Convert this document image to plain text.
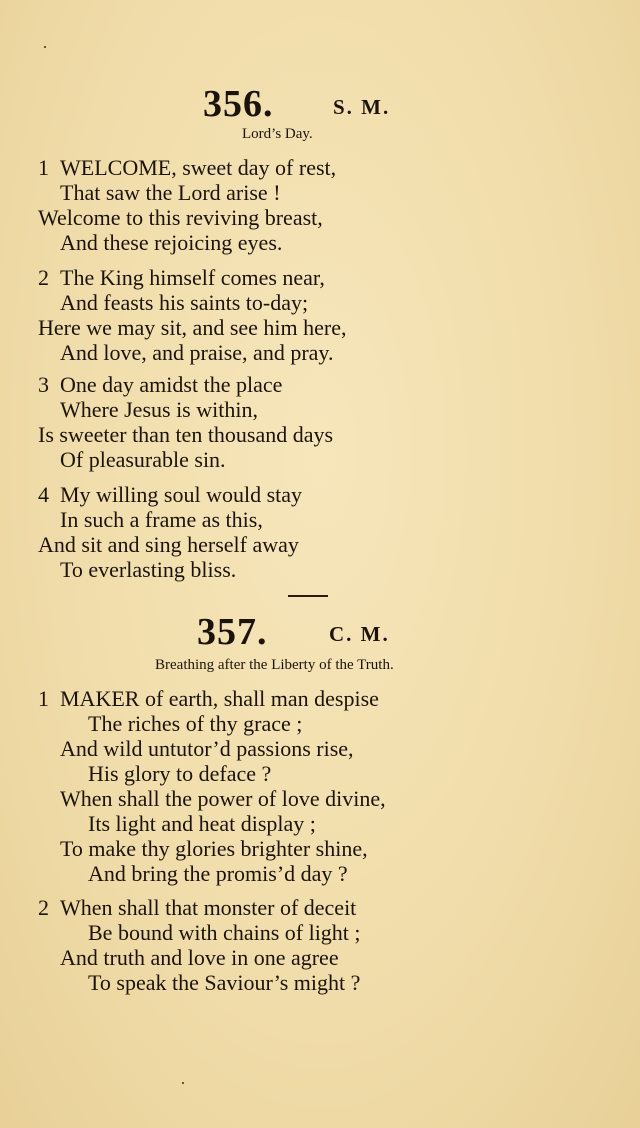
356.	S. M.
Lord’s Day.
1 WELCOME, sweet day of rest,
That saw the Lord arise !
Welcome to this reviving breast,
And these rejoicing eyes.
2 The King himself comes near,
And feasts his saints to-day;
Here we may sit, and see him here,
And love, and praise, and pray.
3 One day amidst the place
Where Jesus is within,
Is sweeter than ten thousand days
Of pleasurable sin.
4 My willing soul would stay
In such a frame as this,
And sit and sing herself away
To everlasting bliss.
357.	C. M.
Breathing after the Liberty of the Truth.
1 MAKER of earth, shall man despise
The riches of thy grace ;
And wild untutor’d passions rise,
His glory to deface ?
When shall the power of love divine,
Its light and heat display ;
To make thy glories brighter shine,
And bring the promis’d day ?
2 When shall that monster of deceit
Be bound with chains of light ;
And truth and love in one agree
To speak the Saviour’s might ?
